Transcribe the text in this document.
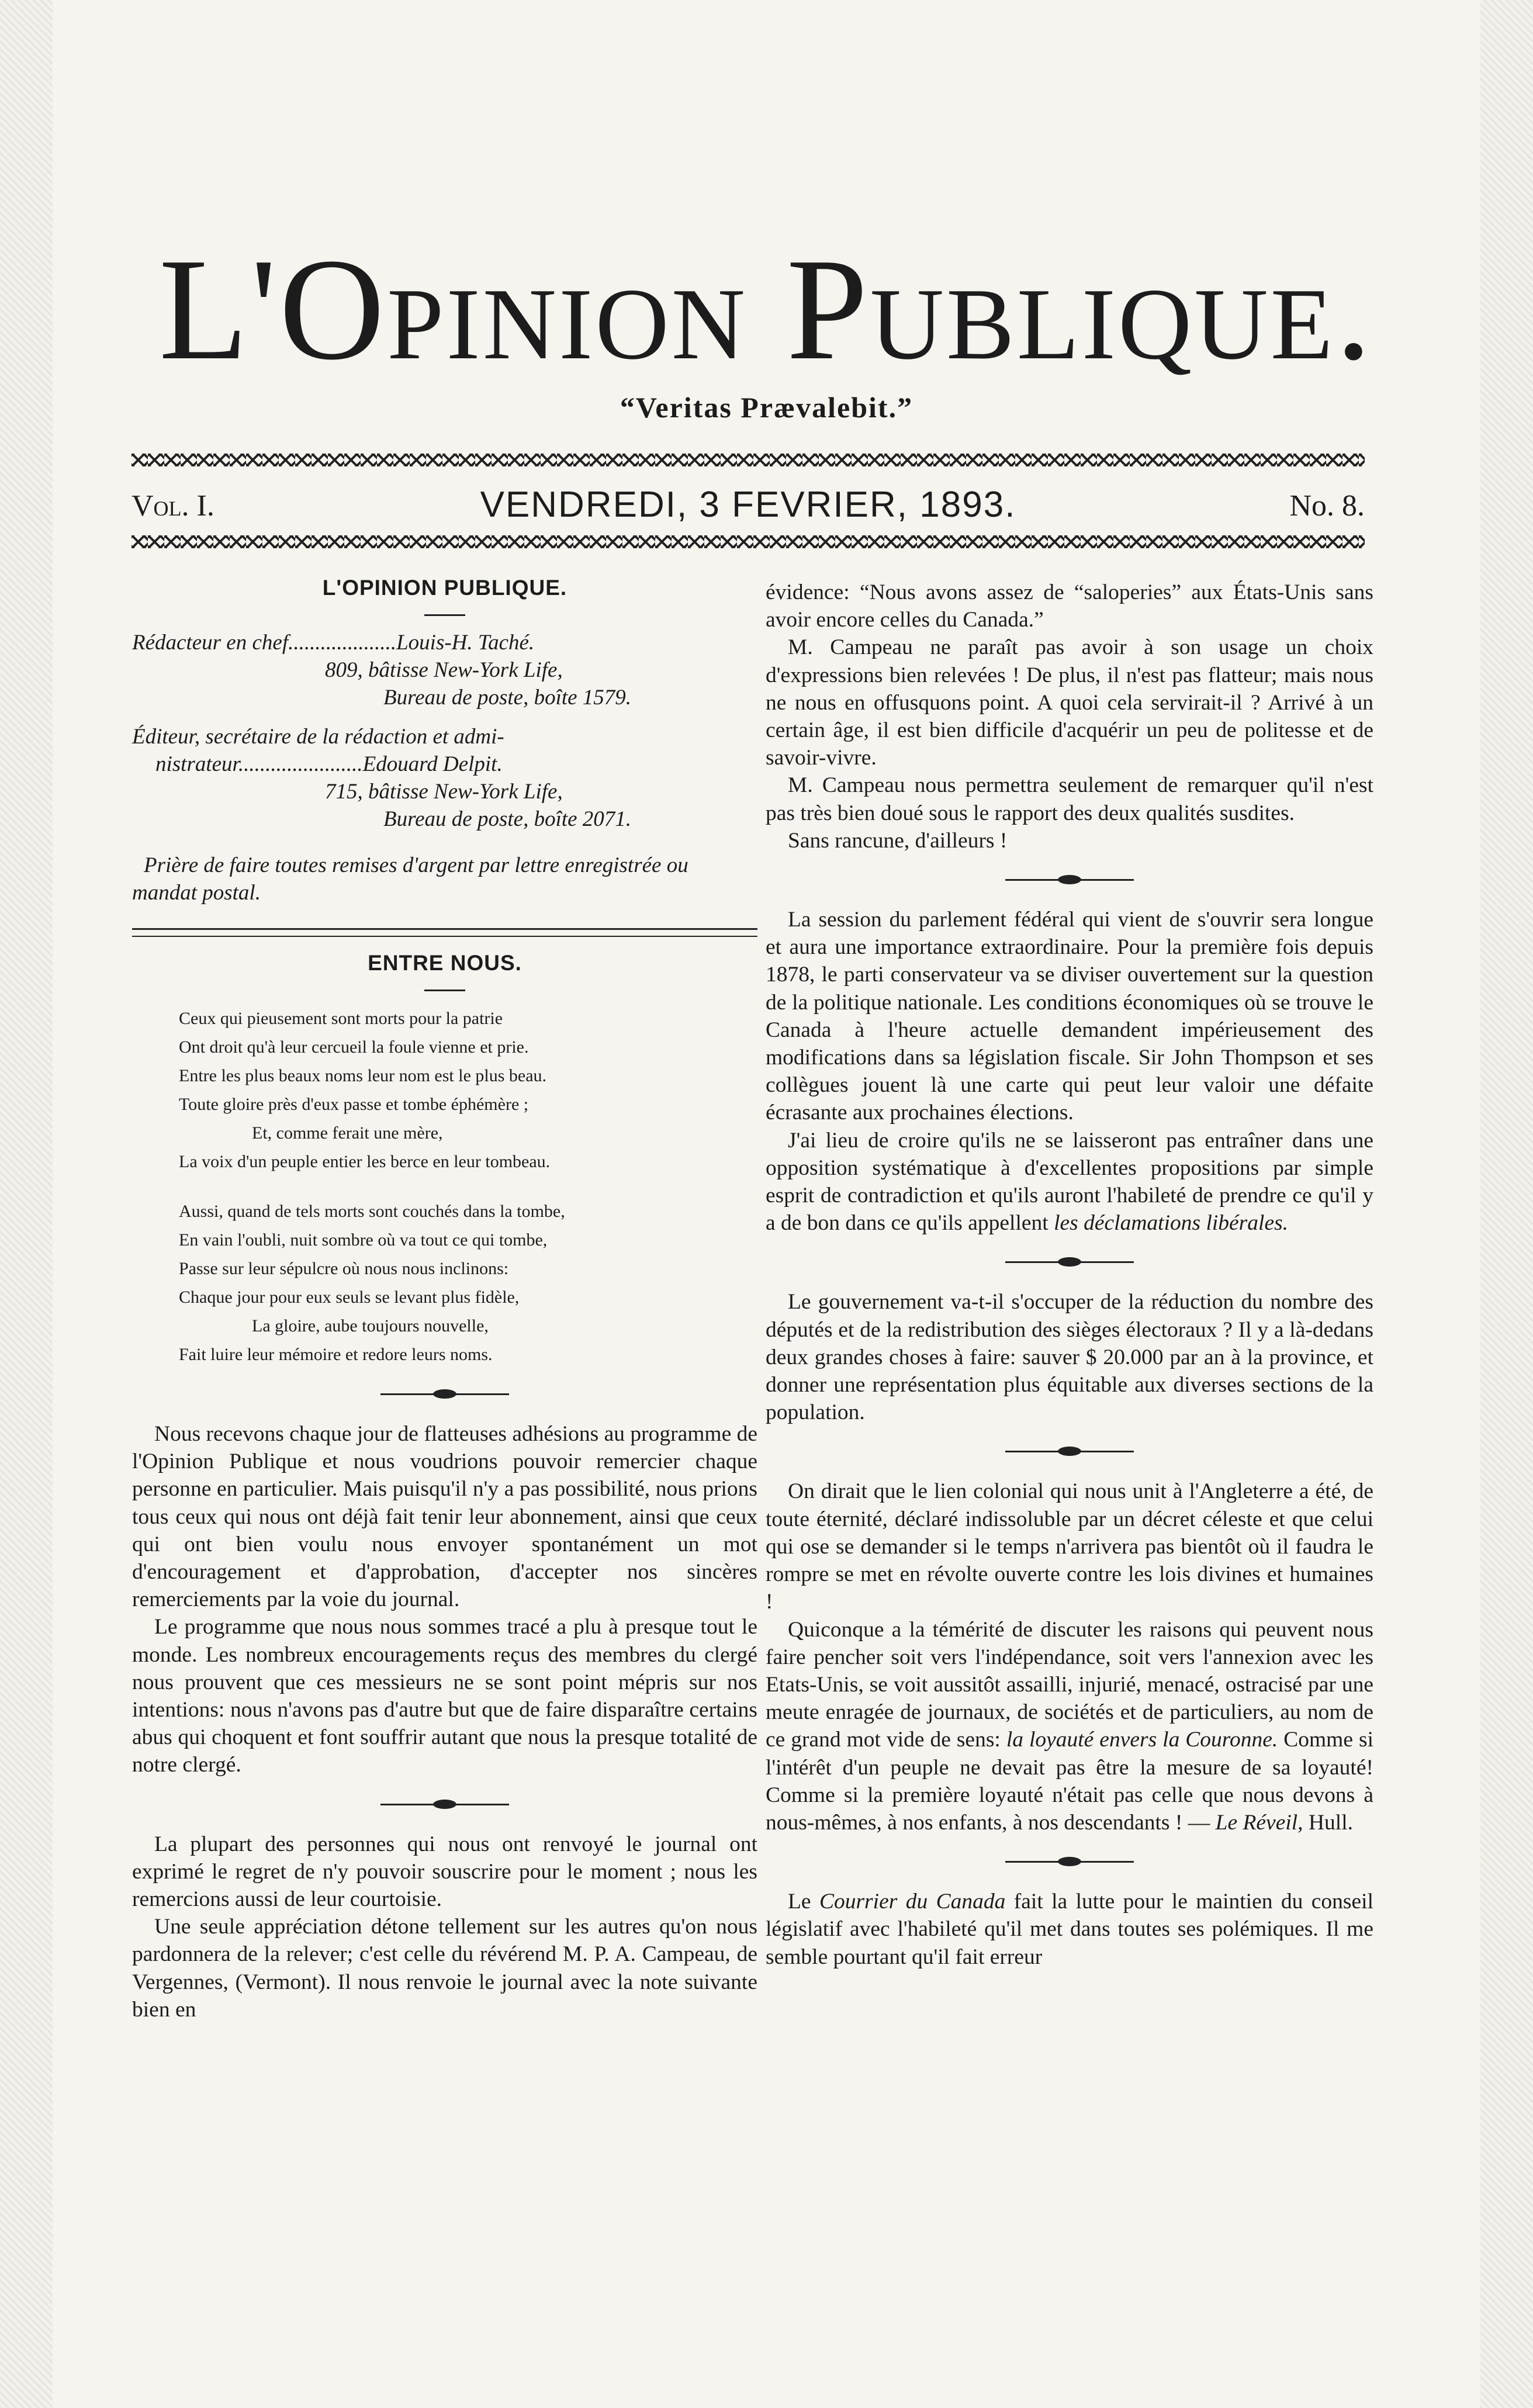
L'Opinion Publique.
“Veritas Prævalebit.”
Vol. I.	VENDREDI, 3 FEVRIER, 1893.	No. 8.
L'OPINION PUBLIQUE.
Rédacteur en chef....................Louis-H. Taché.
809, bâtisse New-York Life,
Bureau de poste, boîte 1579.
Éditeur, secrétaire de la rédaction et admi-
nistrateur.......................Edouard Delpit.
715, bâtisse New-York Life,
Bureau de poste, boîte 2071.

Prière de faire toutes remises d'argent par lettre enregistrée ou mandat postal.

ENTRE NOUS.

Ceux qui pieusement sont morts pour la patrie

Ont droit qu'à leur cercueil la foule vienne et prie.

Entre les plus beaux noms leur nom est le plus beau.

Toute gloire près d'eux passe et tombe éphémère ;

Et, comme ferait une mère,

La voix d'un peuple entier les berce en leur tombeau.

Aussi, quand de tels morts sont couchés dans la tombe,

En vain l'oubli, nuit sombre où va tout ce qui tombe,

Passe sur leur sépulcre où nous nous inclinons:

Chaque jour pour eux seuls se levant plus fidèle,

La gloire, aube toujours nouvelle,

Fait luire leur mémoire et redore leurs noms.

Nous recevons chaque jour de flatteuses adhésions au programme de l'Opinion Publique et nous voudrions pouvoir remercier chaque personne en particulier. Mais puisqu'il n'y a pas possibilité, nous prions tous ceux qui nous ont déjà fait tenir leur abonnement, ainsi que ceux qui ont bien voulu nous envoyer spontanément un mot d'encouragement et d'approbation, d'accepter nos sincères remerciements par la voie du journal.

Le programme que nous nous sommes tracé a plu à presque tout le monde. Les nombreux encouragements reçus des membres du clergé nous prouvent que ces messieurs ne se sont point mépris sur nos intentions: nous n'avons pas d'autre but que de faire disparaître certains abus qui choquent et font souffrir autant que nous la presque totalité de notre clergé.

La plupart des personnes qui nous ont renvoyé le journal ont exprimé le regret de n'y pouvoir souscrire pour le moment ; nous les remercions aussi de leur courtoisie.

Une seule appréciation détone tellement sur les autres qu'on nous pardonnera de la relever; c'est celle du révérend M. P. A. Campeau, de Vergennes, (Vermont). Il nous renvoie le journal avec la note suivante bien en

évidence: “Nous avons assez de “saloperies” aux États-Unis sans avoir encore celles du Canada.”

M. Campeau ne paraît pas avoir à son usage un choix d'expressions bien relevées ! De plus, il n'est pas flatteur; mais nous ne nous en offusquons point. A quoi cela servirait-il ? Arrivé à un certain âge, il est bien difficile d'acquérir un peu de politesse et de savoir-vivre.

M. Campeau nous permettra seulement de remarquer qu'il n'est pas très bien doué sous le rapport des deux qualités susdites.

Sans rancune, d'ailleurs !

La session du parlement fédéral qui vient de s'ouvrir sera longue et aura une importance extraordinaire. Pour la première fois depuis 1878, le parti conservateur va se diviser ouvertement sur la question de la politique nationale. Les conditions économiques où se trouve le Canada à l'heure actuelle demandent impérieusement des modifications dans sa législation fiscale. Sir John Thompson et ses collègues jouent là une carte qui peut leur valoir une défaite écrasante aux prochaines élections.

J'ai lieu de croire qu'ils ne se laisseront pas entraîner dans une opposition systématique à d'excellentes propositions par simple esprit de contradiction et qu'ils auront l'habileté de prendre ce qu'il y a de bon dans ce qu'ils appellent les déclamations libérales.

Le gouvernement va-t-il s'occuper de la réduction du nombre des députés et de la redistribution des sièges électoraux ? Il y a là-dedans deux grandes choses à faire: sauver $ 20.000 par an à la province, et donner une représentation plus équitable aux diverses sections de la population.

On dirait que le lien colonial qui nous unit à l'Angleterre a été, de toute éternité, déclaré indissoluble par un décret céleste et que celui qui ose se demander si le temps n'arrivera pas bientôt où il faudra le rompre se met en révolte ouverte contre les lois divines et humaines !

Quiconque a la témérité de discuter les raisons qui peuvent nous faire pencher soit vers l'indépendance, soit vers l'annexion avec les Etats-Unis, se voit aussitôt assailli, injurié, menacé, ostracisé par une meute enragée de journaux, de sociétés et de particuliers, au nom de ce grand mot vide de sens: la loyauté envers la Couronne. Comme si l'intérêt d'un peuple ne devait pas être la mesure de sa loyauté! Comme si la première loyauté n'était pas celle que nous devons à nous-mêmes, à nos enfants, à nos descendants ! — Le Réveil, Hull.

Le Courrier du Canada fait la lutte pour le maintien du conseil législatif avec l'habileté qu'il met dans toutes ses polémiques. Il me semble pourtant qu'il fait erreur
